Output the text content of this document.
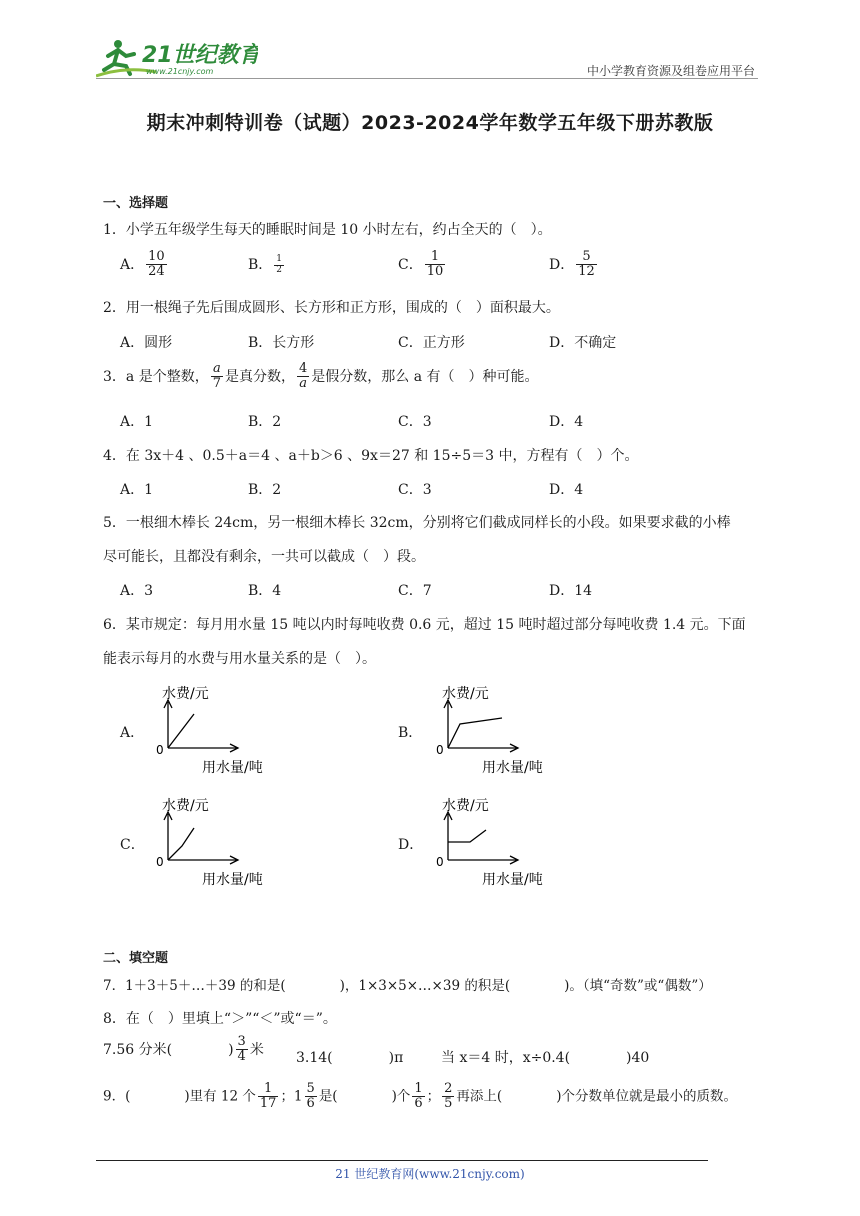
21世纪教育
www.21cnjy.com	中小学教育资源及组卷应用平台
期末冲刺特训卷（试题）2023-2024学年数学五年级下册苏教版
一、选择题
1．小学五年级学生每天的睡眠时间是 10 小时左右，约占全天的（　）。
A． $\frac{10}{24}$	B． $\frac{1}{2}$	C． $\frac{1}{10}$	D． $\frac{5}{12}$
2．用一根绳子先后围成圆形、长方形和正方形，围成的（　）面积最大。
A．圆形	B．长方形	C．正方形	D．不确定
3．a 是个整数， $\frac{a}{7}$ 是真分数， $\frac{4}{a}$ 是假分数，那么 a 有（　）种可能。
A．1	B．2	C．3	D．4
4．在 3x＋4 、0.5＋a＝4 、a＋b＞6 、9x＝27 和 15÷5＝3 中，方程有（　）个。
A．1	B．2	C．3	D．4
5．一根细木棒长 24cm，另一根细木棒长 32cm，分别将它们截成同样长的小段。如果要求截的小棒
尽可能长，且都没有剩余，一共可以截成（　）段。
A．3	B．4	C．7	D．14
6．某市规定：每月用水量 15 吨以内时每吨收费 0.6 元，超过 15 吨时超过部分每吨收费 1.4 元。下面
能表示每月的水费与用水量关系的是（　）。
A．	B．
C．	D．
水费/元
0
用水量/吨
水费/元
0
用水量/吨
水费/元
0
用水量/吨
水费/元
0
用水量/吨
二、填空题
7．1＋3＋5＋…＋39 的和是(　　　　)，1×3×5×…×39 的积是(　　　　)。（填“奇数”或“偶数”）
8．在（　）里填上“＞”“＜”或“＝”。
7.56 分米(　　　　) $\frac{3}{4}$ 米
3.14(　　　　)π	当 x＝4 时，x÷0.4(　　　　)40
9．(　　　　)里有 12 个 $\frac{1}{17}$ ；$1 \frac{5}{6}$ 是(　　　　)个 $\frac{1}{6}$ ； $\frac{2}{5}$ 再添上(　　　　)个分数单位就是最小的质数。
21 世纪教育网(www.21cnjy.com)
